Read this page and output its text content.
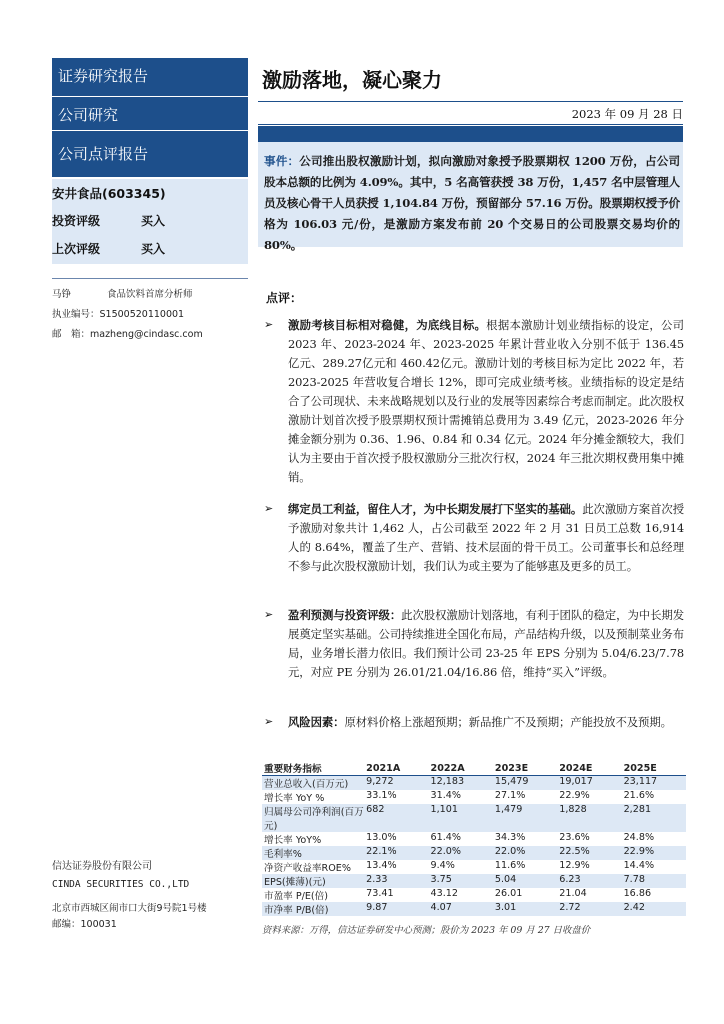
证券研究报告
公司研究
公司点评报告
安井食品(603345)
投资评级	买入
上次评级	买入
马铮	食品饮料首席分析师
执业编号：S1500520110001
邮　箱：mazheng@cindasc.com
信达证券股份有限公司
CINDA SECURITIES CO.,LTD
北京市西城区闹市口大街9号院1号楼
邮编：100031
激励落地，凝心聚力
2023 年 09 月 28 日
事件：公司推出股权激励计划，拟向激励对象授予股票期权 1200 万份，占公司股本总额的比例为 4.09%。其中，5 名高管获授 38 万份，1,457 名中层管理人员及核心骨干人员获授 1,104.84 万份，预留部分 57.16 万份。股票期权授予价格为 106.03 元/份，是激励方案发布前 20 个交易日的公司股票交易均价的 80%。
点评：
➢ 激励考核目标相对稳健，为底线目标。根据本激励计划业绩指标的设定，公司 2023 年、2023-2024 年、2023-2025 年累计营业收入分别不低于 136.45 亿元、289.27亿元和 460.42亿元。激励计划的考核目标为定比 2022 年，若 2023-2025 年营收复合增长 12%，即可完成业绩考核。业绩指标的设定是结合了公司现状、未来战略规划以及行业的发展等因素综合考虑而制定。此次股权激励计划首次授予股票期权预计需摊销总费用为 3.49 亿元，2023-2026 年分摊金额分别为 0.36、1.96、0.84 和 0.34 亿元。2024 年分摊金额较大，我们认为主要由于首次授予股权激励分三批次行权，2024 年三批次期权费用集中摊销。
➢ 绑定员工利益，留住人才，为中长期发展打下坚实的基础。此次激励方案首次授予激励对象共计 1,462 人，占公司截至 2022 年 2 月 31 日员工总数 16,914 人的 8.64%，覆盖了生产、营销、技术层面的骨干员工。公司董事长和总经理不参与此次股权激励计划，我们认为或主要为了能够惠及更多的员工。
➢ 盈利预测与投资评级：此次股权激励计划落地，有利于团队的稳定，为中长期发展奠定坚实基础。公司持续推进全国化布局，产品结构升级，以及预制菜业务布局，业务增长潜力依旧。我们预计公司 23-25 年 EPS 分别为 5.04/6.23/7.78 元，对应 PE 分别为 26.01/21.04/16.86 倍，维持“买入”评级。
➢ 风险因素：原材料价格上涨超预期；新品推广不及预期；产能投放不及预期。
重要财务指标	2021A	2022A	2023E	2024E	2025E
营业总收入(百万元)	9,272	12,183	15,479	19,017	23,117
增长率 YoY %	33.1%	31.4%	27.1%	22.9%	21.6%
归属母公司净利润(百万元)	682	1,101	1,479	1,828	2,281
增长率 YoY%	13.0%	61.4%	34.3%	23.6%	24.8%
毛利率%	22.1%	22.0%	22.0%	22.5%	22.9%
净资产收益率ROE%	13.4%	9.4%	11.6%	12.9%	14.4%
EPS(摊薄)(元)	2.33	3.75	5.04	6.23	7.78
市盈率 P/E(倍)	73.41	43.12	26.01	21.04	16.86
市净率 P/B(倍)	9.87	4.07	3.01	2.72	2.42
资料来源：万得，信达证券研发中心预测；股价为 2023 年 09 月 27 日收盘价
